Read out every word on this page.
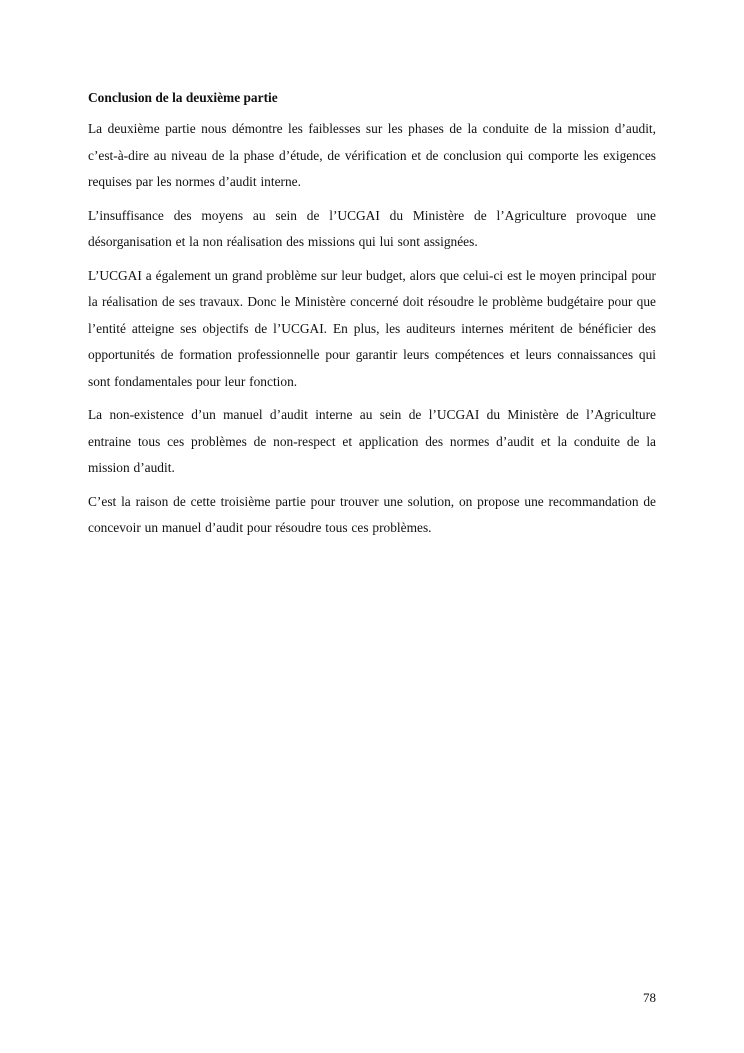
Conclusion de la deuxième partie

La deuxième partie nous démontre les faiblesses sur les phases de la conduite de la mission d’audit, c’est-à-dire au niveau de la phase d’étude, de vérification et de conclusion qui comporte les exigences requises par les normes d’audit interne.

L’insuffisance des moyens au sein de l’UCGAI du Ministère de l’Agriculture provoque une désorganisation et la non réalisation des missions qui lui sont assignées.

L’UCGAI a également un grand problème sur leur budget, alors que celui-ci est le moyen principal pour la réalisation de ses travaux. Donc le Ministère concerné doit résoudre le problème budgétaire pour que l’entité atteigne ses objectifs de l’UCGAI. En plus, les auditeurs internes méritent de bénéficier des opportunités de formation professionnelle pour garantir leurs compétences et leurs connaissances qui sont fondamentales pour leur fonction.

La non-existence d’un manuel d’audit interne au sein de l’UCGAI du Ministère de l’Agriculture entraine tous ces problèmes de non-respect et application des normes d’audit et la conduite de la mission d’audit.

C’est la raison de cette troisième partie pour trouver une solution, on propose une recommandation de concevoir un manuel d’audit pour résoudre tous ces problèmes.

78
